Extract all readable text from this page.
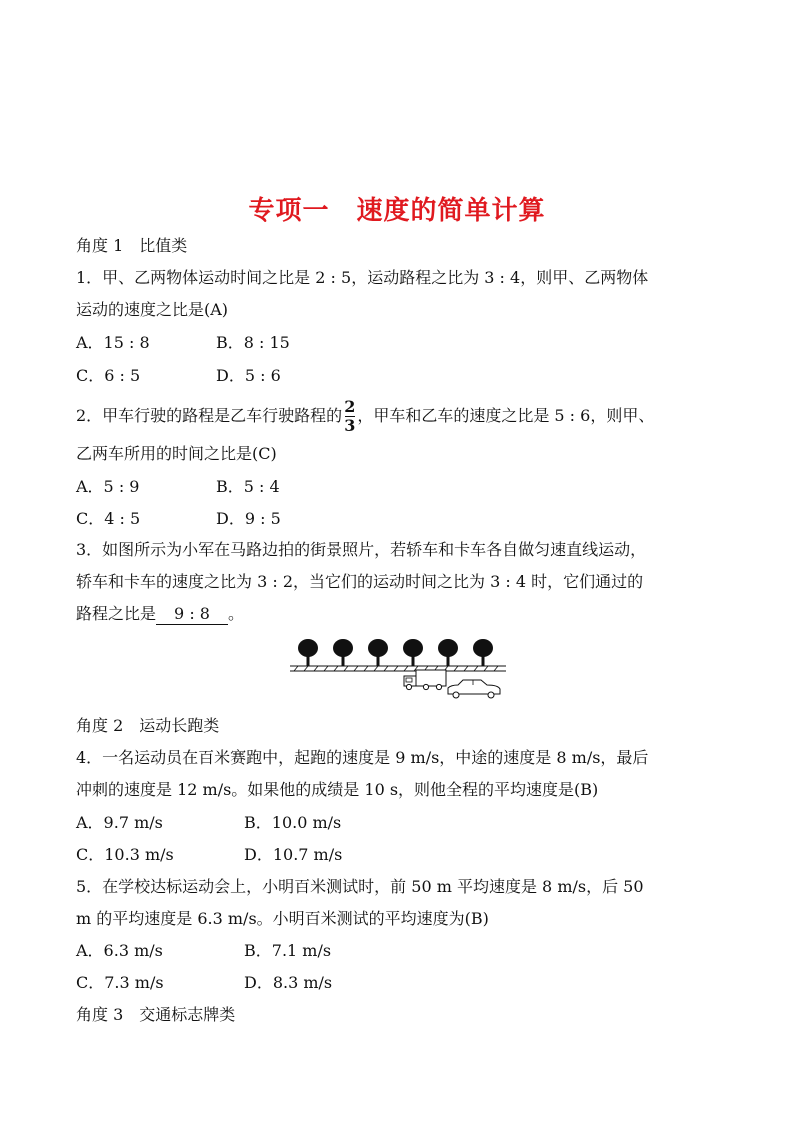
专项一　速度的简单计算
角度 1　比值类
1．甲、乙两物体运动时间之比是 2 : 5，运动路程之比为 3 : 4，则甲、乙两物体
运动的速度之比是(A)
A．15 : 8	B．8 : 15
C．6 : 5	D．5 : 6
2．甲车行驶的路程是乙车行驶路程的 $\frac{2}{3}$ ，甲车和乙车的速度之比是 5 : 6，则甲、
乙两车所用的时间之比是(C)
A．5 : 9	B．5 : 4
C．4 : 5	D．9 : 5
3．如图所示为小军在马路边拍的街景照片，若轿车和卡车各自做匀速直线运动，
轿车和卡车的速度之比为 3 : 2，当它们的运动时间之比为 3 : 4 时，它们通过的
路程之比是 9 : 8 。
角度 2　运动长跑类
4．一名运动员在百米赛跑中，起跑的速度是 9 m/s，中途的速度是 8 m/s，最后
冲刺的速度是 12 m/s。如果他的成绩是 10 s，则他全程的平均速度是(B)
A．9.7 m/s	B．10.0 m/s
C．10.3 m/s	D．10.7 m/s
5．在学校达标运动会上，小明百米测试时，前 50 m 平均速度是 8 m/s，后 50
m 的平均速度是 6.3 m/s。小明百米测试的平均速度为(B)
A．6.3 m/s	B．7.1 m/s
C．7.3 m/s	D．8.3 m/s
角度 3　交通标志牌类
